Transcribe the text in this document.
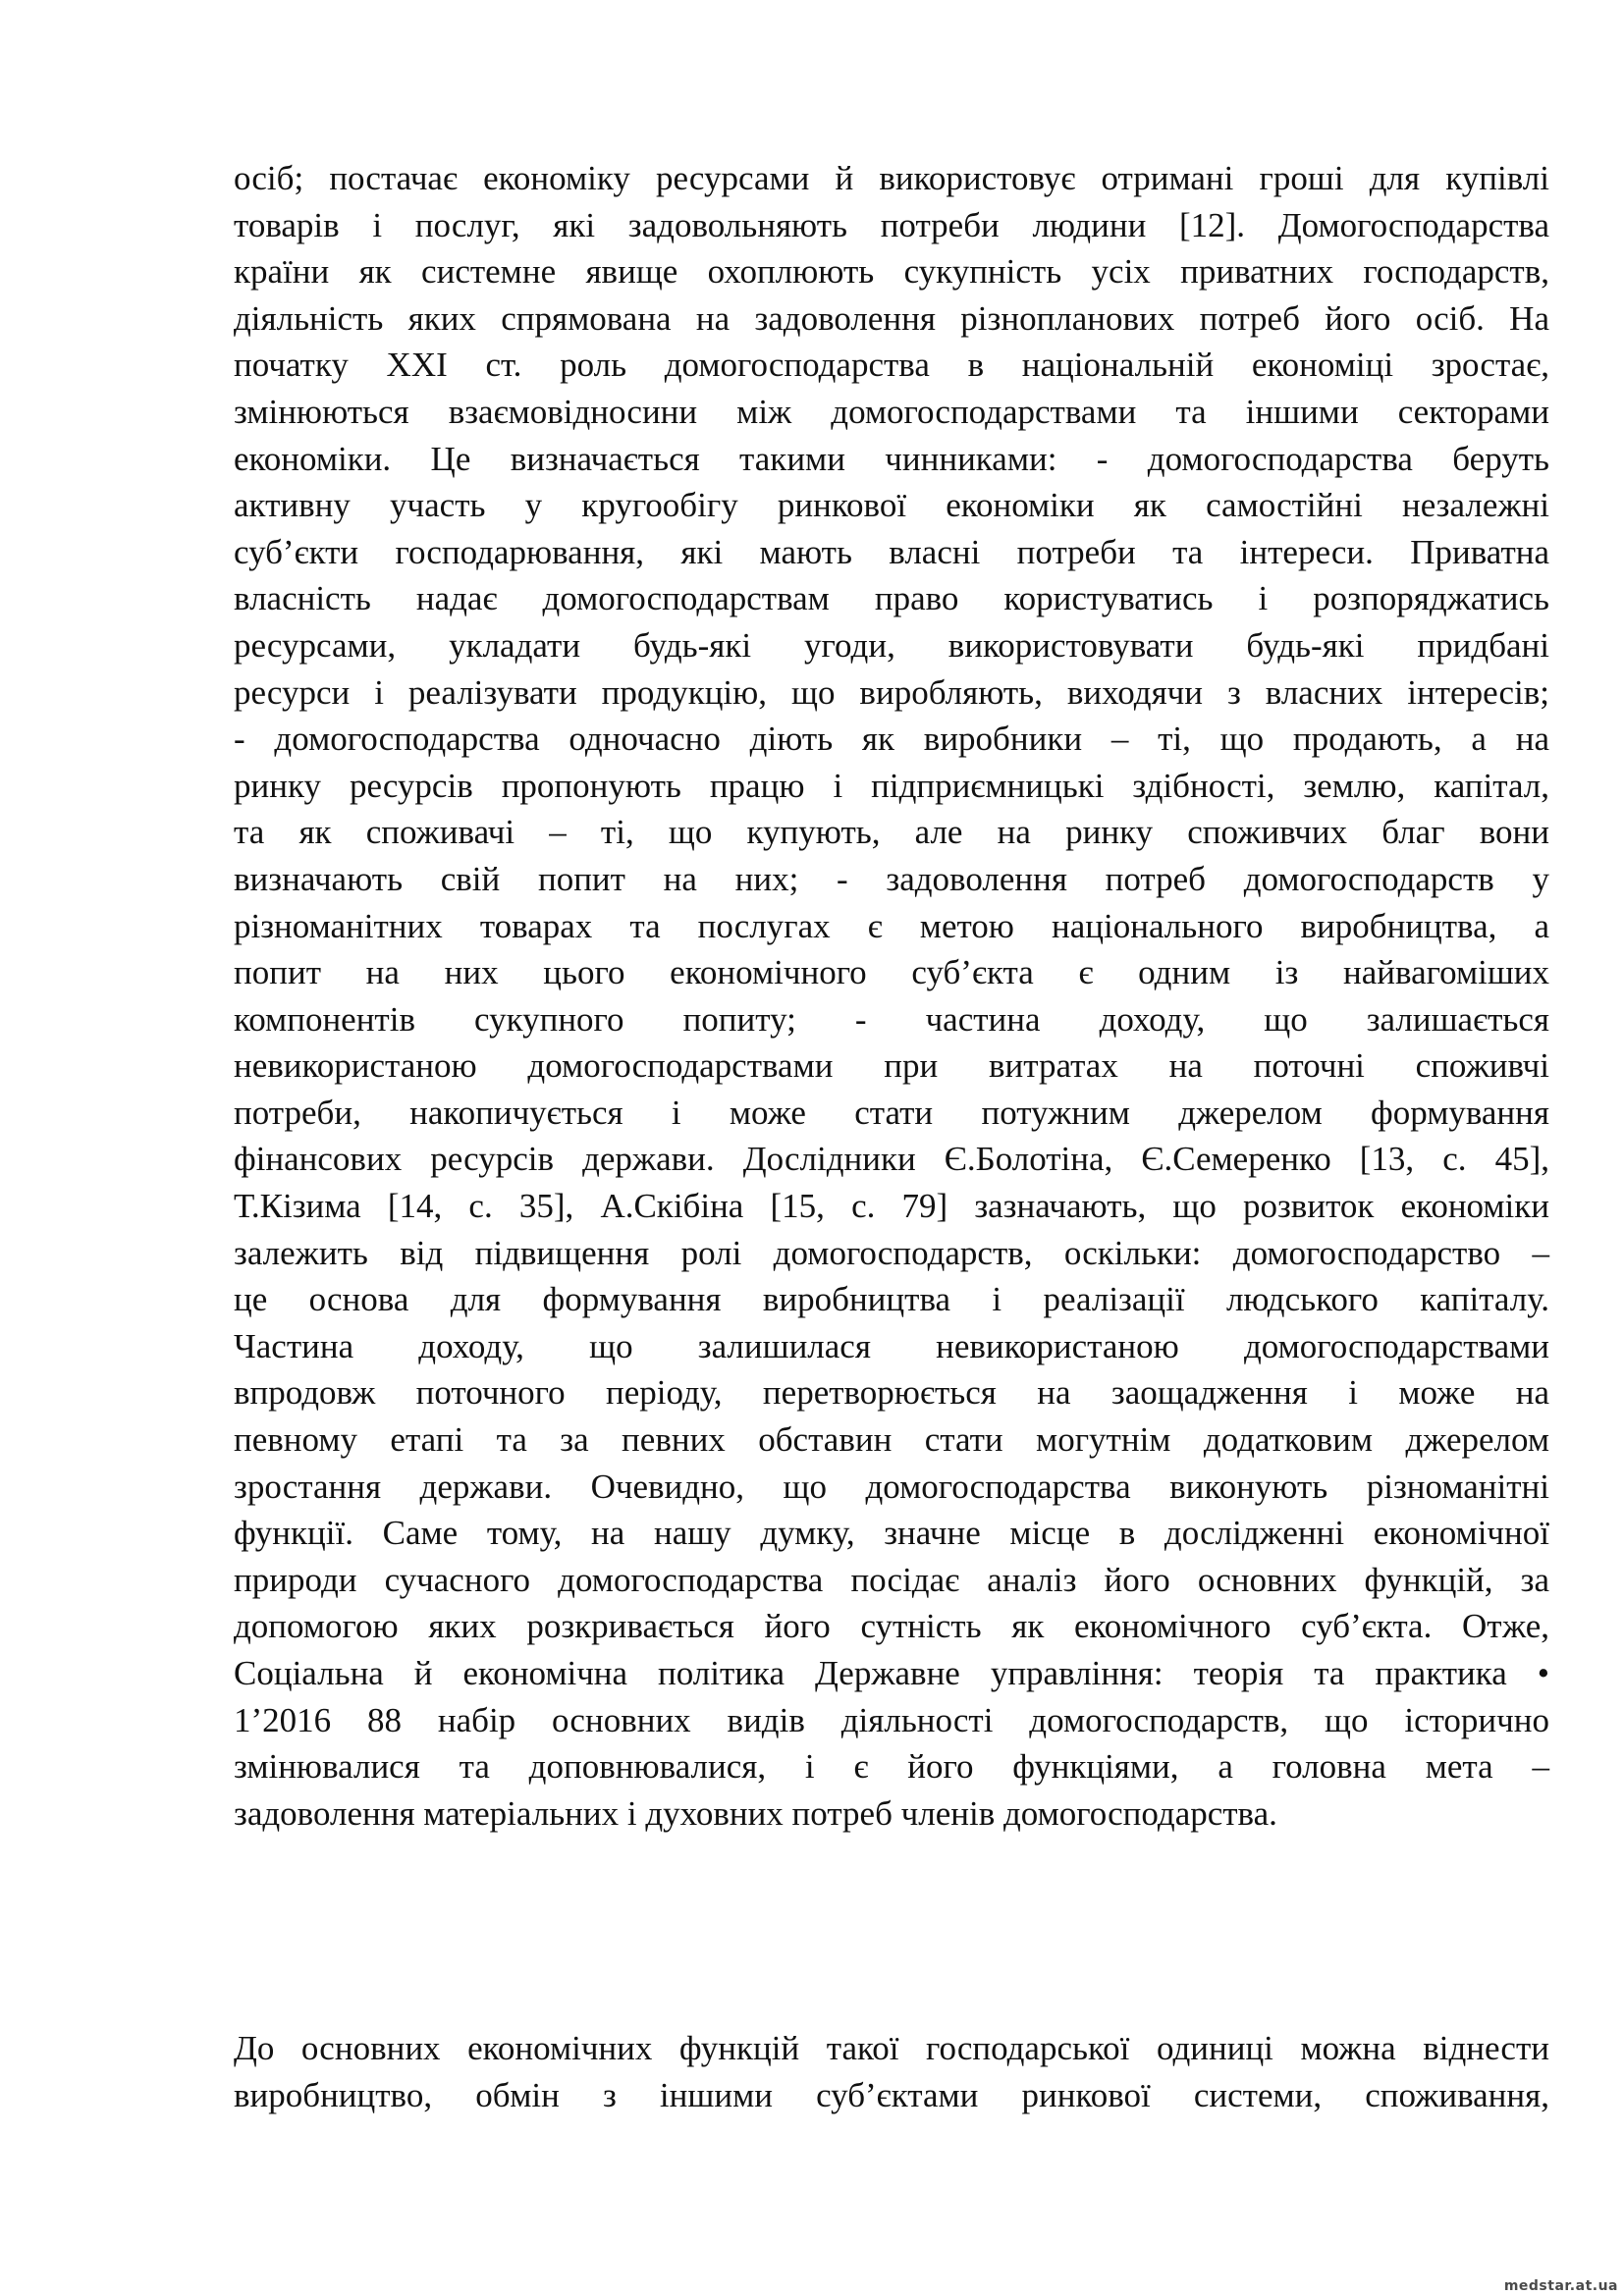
осіб; постачає економіку ресурсами й використовує отримані гроші для купівлі
товарів і послуг, які задовольняють потреби людини [12]. Домогосподарства
країни як системне явище охоплюють сукупність усіх приватних господарств,
діяльність яких спрямована на задоволення різнопланових потреб його осіб. На
початку XXI ст. роль домогосподарства в національній економіці зростає,
змінюються взаємовідносини між домогосподарствами та іншими секторами
економіки. Це визначається такими чинниками: - домогосподарства беруть
активну участь у кругообігу ринкової економіки як самостійні незалежні
суб’єкти господарювання, які мають власні потреби та інтереси. Приватна
власність надає домогосподарствам право користуватись і розпоряджатись
ресурсами, укладати будь-які угоди, використовувати будь-які придбані
ресурси і реалізувати продукцію, що виробляють, виходячи з власних інтересів;
- домогосподарства одночасно діють як виробники – ті, що продають, а на
ринку ресурсів пропонують працю і підприємницькі здібності, землю, капітал,
та як споживачі – ті, що купують, але на ринку споживчих благ вони
визначають свій попит на них; - задоволення потреб домогосподарств у
різноманітних товарах та послугах є метою національного виробництва, а
попит на них цього економічного суб’єкта є одним із найвагоміших
компонентів сукупного попиту; - частина доходу, що залишається
невикористаною домогосподарствами при витратах на поточні споживчі
потреби, накопичується і може стати потужним джерелом формування
фінансових ресурсів держави. Дослідники Є.Болотіна, Є.Семеренко [13, с. 45],
Т.Кізима [14, с. 35], А.Скібіна [15, с. 79] зазначають, що розвиток економіки
залежить від підвищення ролі домогосподарств, оскільки: домогосподарство –
це основа для формування виробництва і реалізації людського капіталу.
Частина доходу, що залишилася невикористаною домогосподарствами
впродовж поточного періоду, перетворюється на заощадження і може на
певному етапі та за певних обставин стати могутнім додатковим джерелом
зростання держави. Очевидно, що домогосподарства виконують різноманітні
функції. Саме тому, на нашу думку, значне місце в дослідженні економічної
природи сучасного домогосподарства посідає аналіз його основних функцій, за
допомогою яких розкривається його сутність як економічного суб’єкта. Отже,
Соціальна й економічна політика Державне управління: теорія та практика •
1’2016 88 набір основних видів діяльності домогосподарств, що історично
змінювалися та доповнювалися, і є його функціями, а головна мета –
задоволення матеріальних і духовних потреб членів домогосподарства.
До основних економічних функцій такої господарської одиниці можна віднести
виробництво, обмін з іншими суб’єктами ринкової системи, споживання,
medstar.at.ua
